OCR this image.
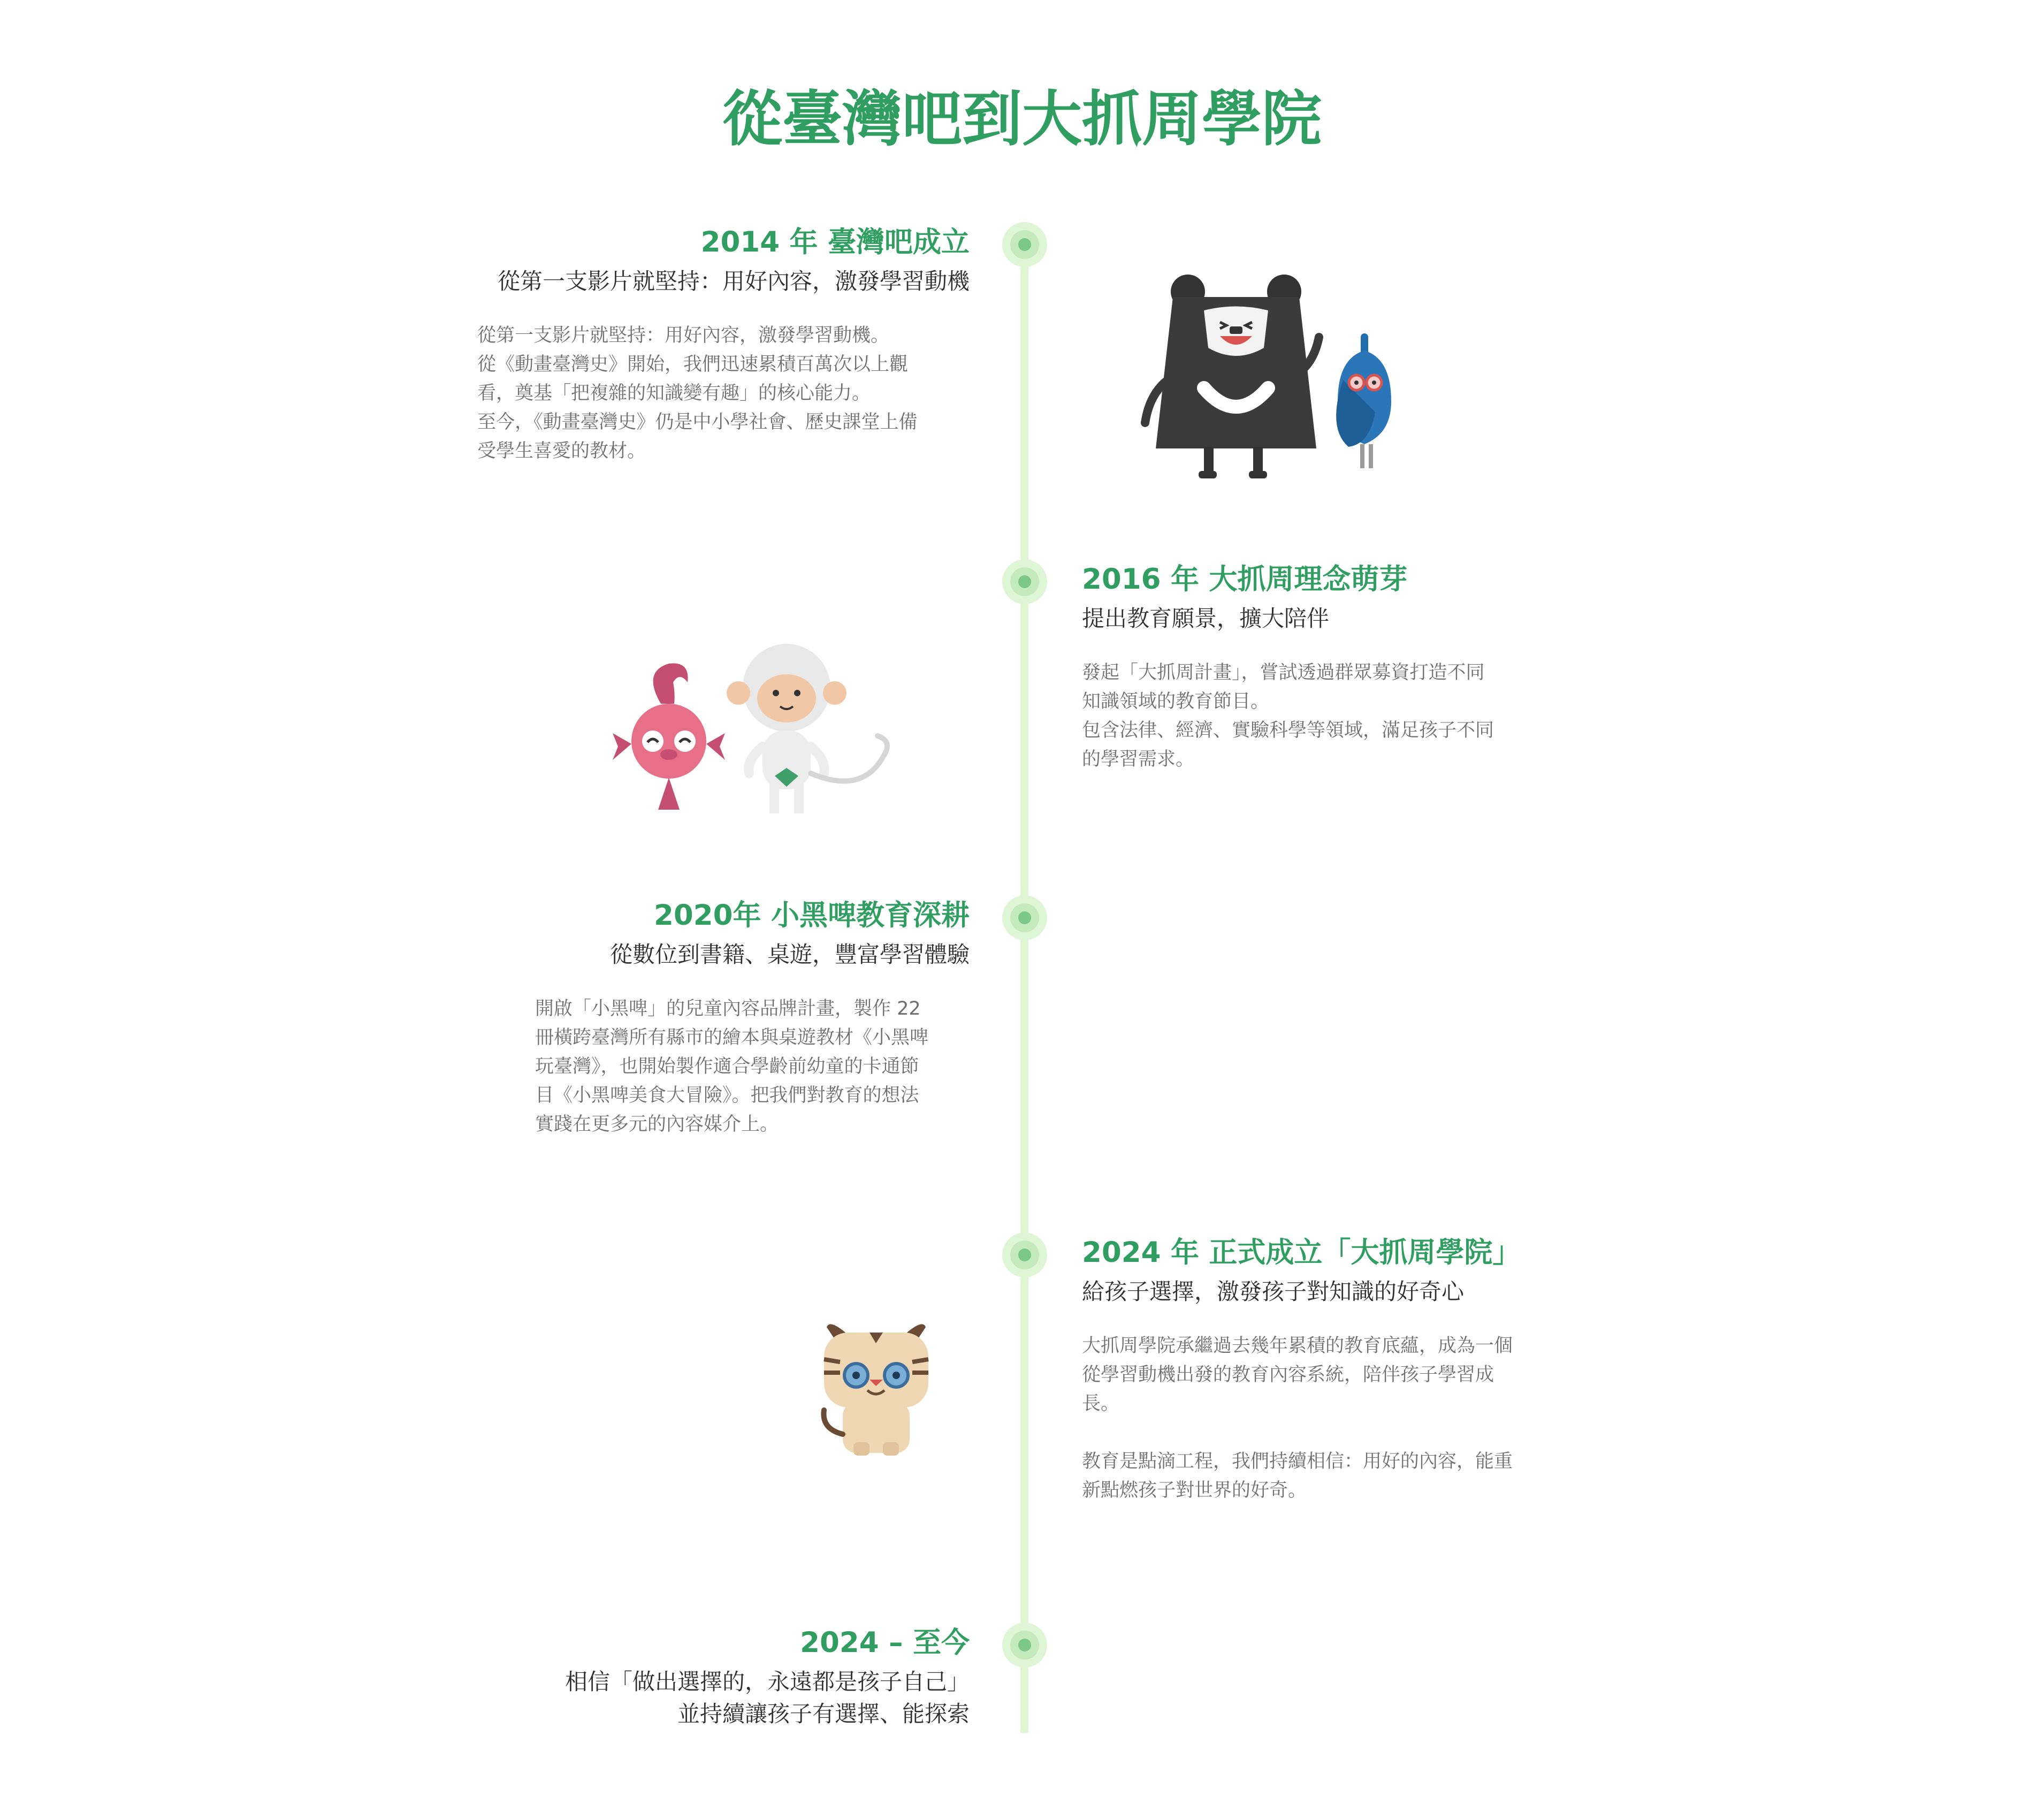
從臺灣吧到大抓周學院
2014 年 臺灣吧成立
從第一支影片就堅持：用好內容，激發學習動機

從第一支影片就堅持：用好內容，激發學習動機。

從《動畫臺灣史》開始，我們迅速累積百萬次以上觀

看，奠基「把複雜的知識變有趣」的核心能力。

至今，《動畫臺灣史》仍是中小學社會、歷史課堂上備

受學生喜愛的教材。

2016 年 大抓周理念萌芽
提出教育願景，擴大陪伴

發起「大抓周計畫」，嘗試透過群眾募資打造不同

知識領域的教育節目。

包含法律、經濟、實驗科學等領域，滿足孩子不同

的學習需求。

2020年 小黑啤教育深耕
從數位到書籍、桌遊，豐富學習體驗

開啟「小黑啤」的兒童內容品牌計畫，製作 22

冊橫跨臺灣所有縣市的繪本與桌遊教材《小黑啤

玩臺灣》，也開始製作適合學齡前幼童的卡通節

目《小黑啤美食大冒險》。把我們對教育的想法

實踐在更多元的內容媒介上。

2024 年 正式成立「大抓周學院」
給孩子選擇，激發孩子對知識的好奇心

大抓周學院承繼過去幾年累積的教育底蘊，成為一個

從學習動機出發的教育內容系統，陪伴孩子學習成

長。

教育是點滴工程，我們持續相信：用好的內容，能重

新點燃孩子對世界的好奇。

2024 – 至今
相信「做出選擇的，永遠都是孩子自己」
並持續讓孩子有選擇、能探索
